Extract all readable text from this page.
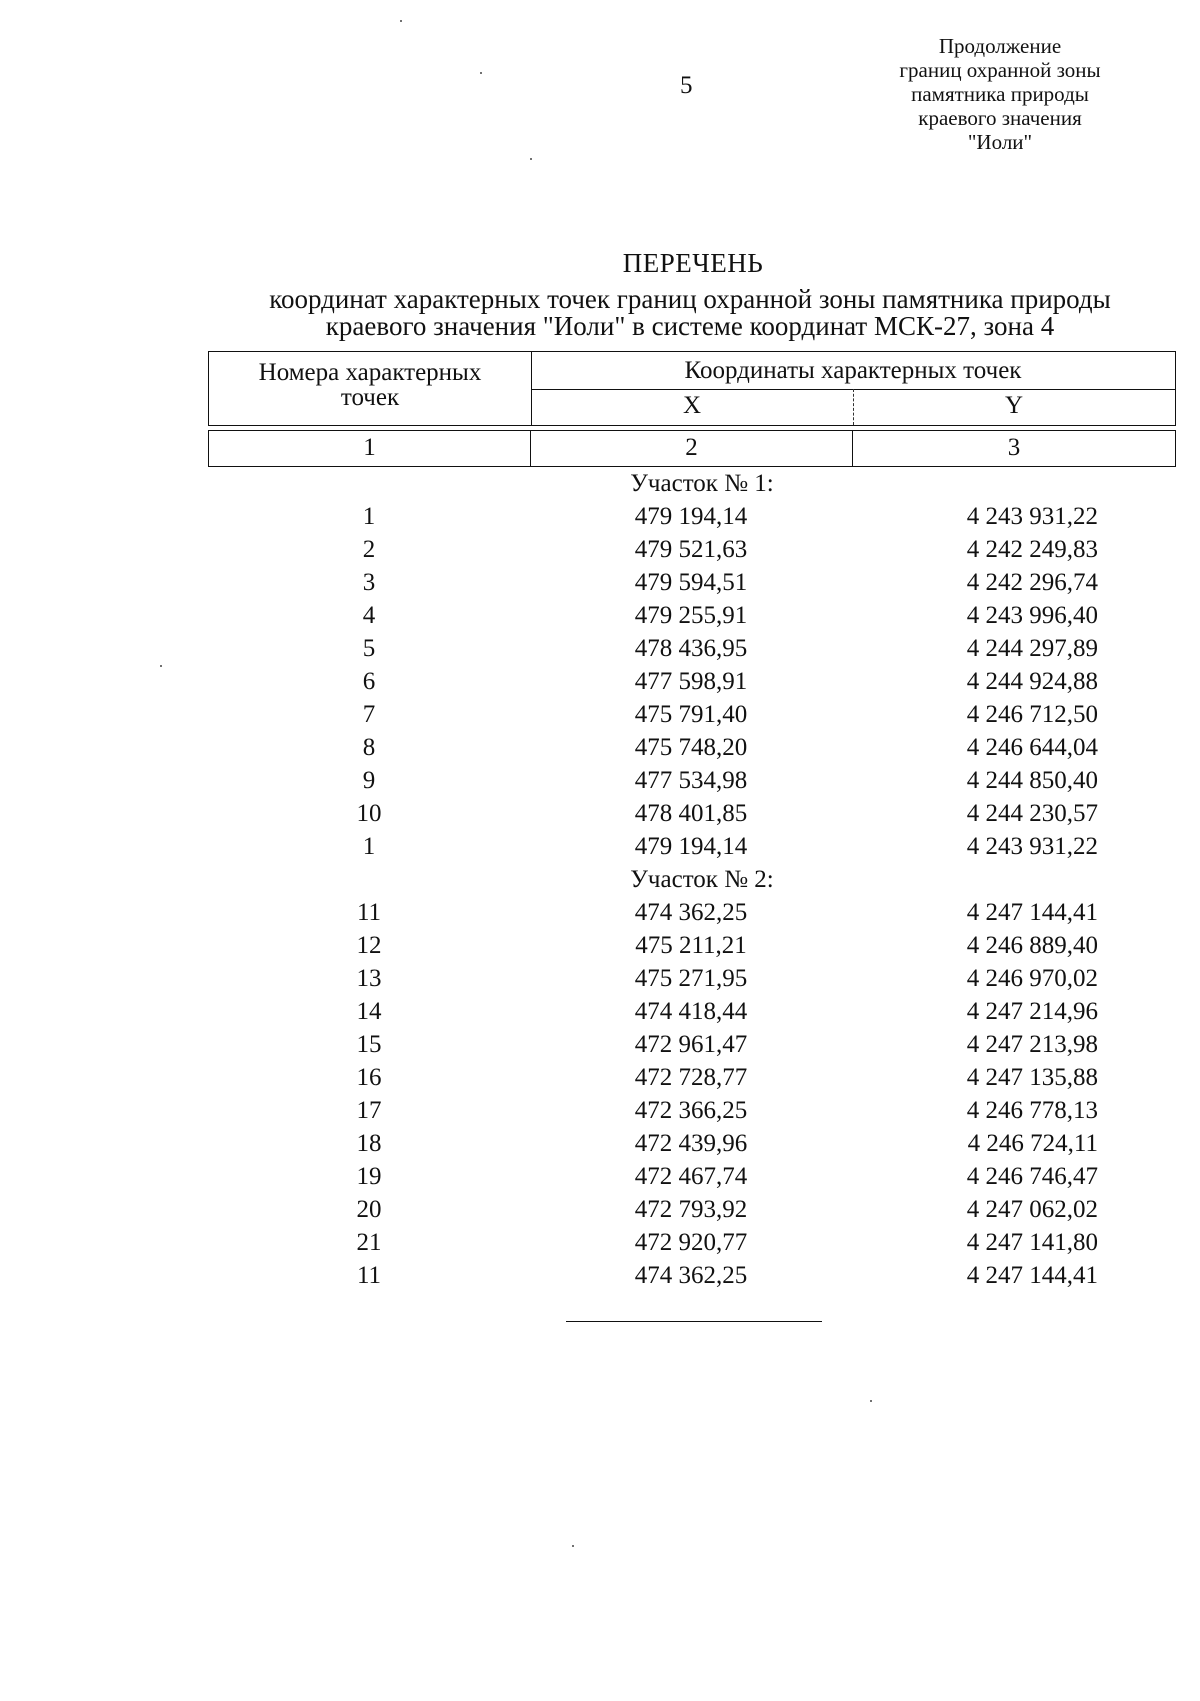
5
Продолжение
границ охранной зоны
памятника природы
краевого значения
"Иоли"
ПЕРЕЧЕНЬ
координат характерных точек границ охранной зоны памятника природы
краевого значения "Иоли" в системе координат МСК-27, зона 4
Номера характерных
точек
Координаты характерных точек
X	Y
1	2	3
Участок № 1:
1	479 194,14	4 243 931,22
2	479 521,63	4 242 249,83
3	479 594,51	4 242 296,74
4	479 255,91	4 243 996,40
5	478 436,95	4 244 297,89
6	477 598,91	4 244 924,88
7	475 791,40	4 246 712,50
8	475 748,20	4 246 644,04
9	477 534,98	4 244 850,40
10	478 401,85	4 244 230,57
1	479 194,14	4 243 931,22
Участок № 2:
11	474 362,25	4 247 144,41
12	475 211,21	4 246 889,40
13	475 271,95	4 246 970,02
14	474 418,44	4 247 214,96
15	472 961,47	4 247 213,98
16	472 728,77	4 247 135,88
17	472 366,25	4 246 778,13
18	472 439,96	4 246 724,11
19	472 467,74	4 246 746,47
20	472 793,92	4 247 062,02
21	472 920,77	4 247 141,80
11	474 362,25	4 247 144,41
